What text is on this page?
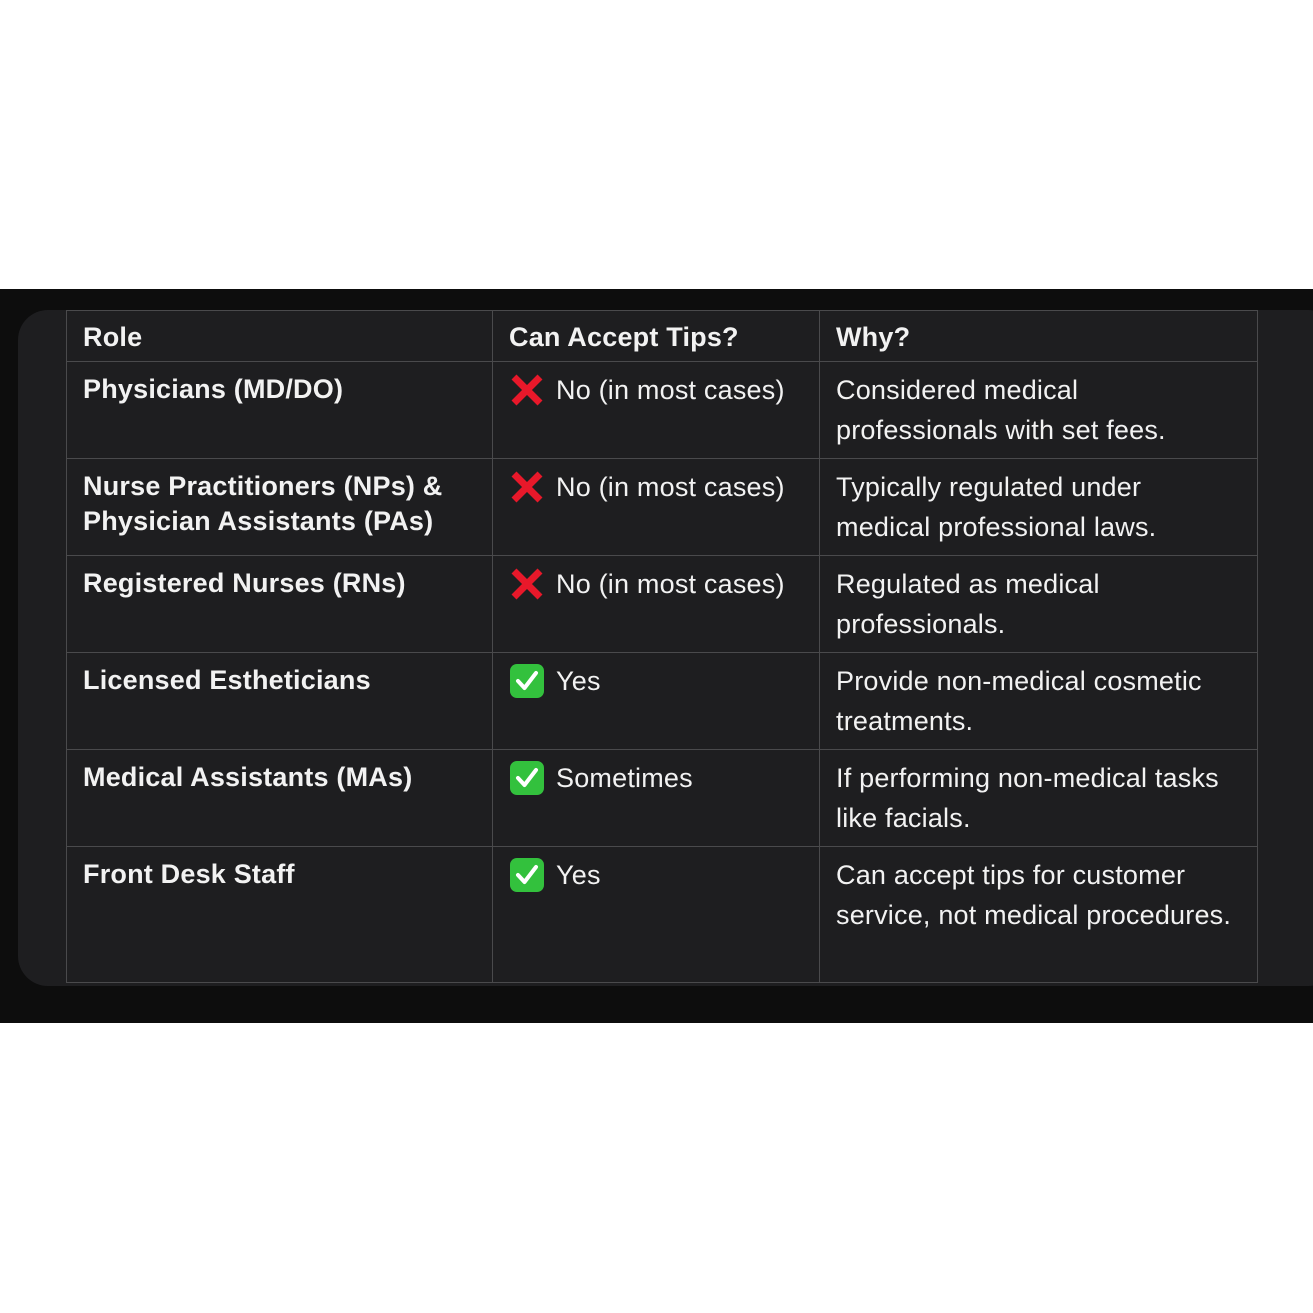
Role	Can Accept Tips?	Why?
Physicians (MD/DO)	No (in most cases)	Considered medical professionals with set fees.
Nurse Practitioners (NPs) & Physician Assistants (PAs)	No (in most cases)	Typically regulated under medical professional laws.
Registered Nurses (RNs)	No (in most cases)	Regulated as medical professionals.
Licensed Estheticians	Yes	Provide non-medical cosmetic treatments.
Medical Assistants (MAs)	Sometimes	If performing non-medical tasks like facials.
Front Desk Staff	Yes	Can accept tips for customer service, not medical procedures.
